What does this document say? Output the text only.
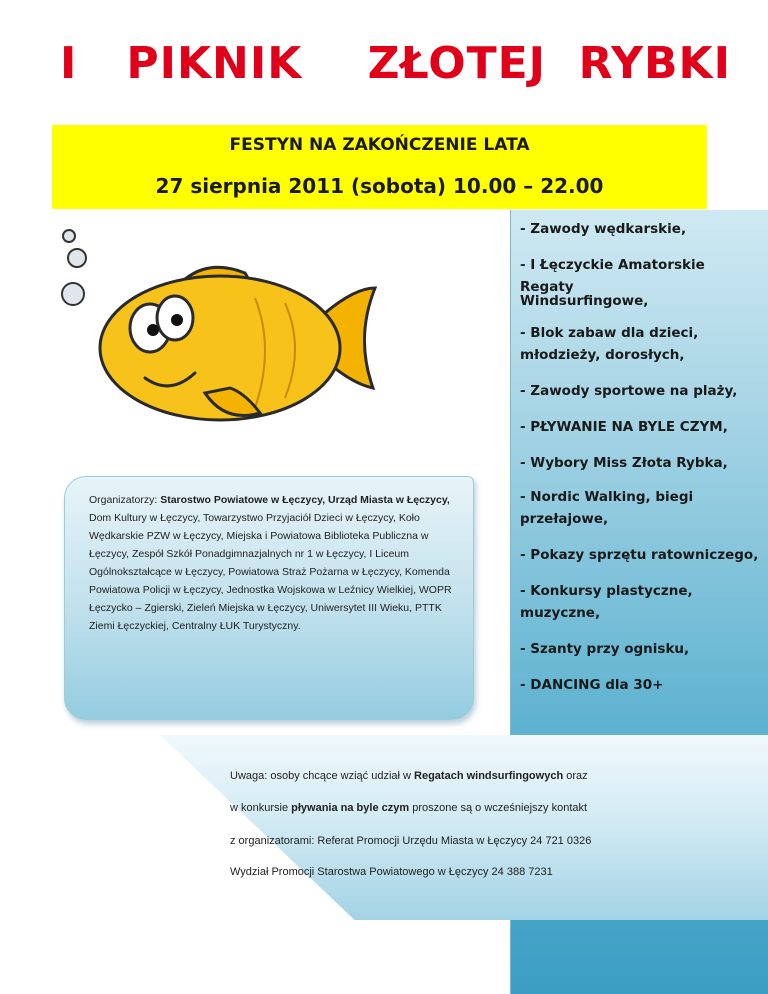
I   PIKNIK    ZŁOTEJ  RYBKI
FESTYN NA ZAKOŃCZENIE LATA
27 sierpnia 2011 (sobota) 10.00 – 22.00

- Zawody wędkarskie,

- I Łęczyckie Amatorskie Regaty

Windsurfingowe,

- Blok zabaw dla dzieci, młodzieży, dorosłych,

- Zawody sportowe na plaży,

- PŁYWANIE NA BYLE CZYM,

- Wybory Miss Złota Rybka,

- Nordic Walking, biegi przełajowe,

- Pokazy sprzętu ratowniczego,

- Konkursy plastyczne, muzyczne,

- Szanty przy ognisku,

- DANCING dla 30+

Organizatorzy: Starostwo Powiatowe w Łęczycy, Urząd Miasta w Łęczycy, Dom Kultury w Łęczycy, Towarzystwo Przyjaciół Dzieci w Łęczycy, Koło Wędkarskie PZW w Łęczycy, Miejska i Powiatowa Biblioteka Publiczna w Łęczycy, Zespół Szkół Ponadgimnazjalnych nr 1 w Łęczycy, I Liceum Ogólnokształcące w Łęczycy, Powiatowa Straż Pożarna w Łęczycy, Komenda Powiatowa Policji w Łęczycy, Jednostka Wojskowa w Leźnicy Wielkiej, WOPR Łęczycko – Zgierski, Zieleń Miejska w Łęczycy, Uniwersytet III Wieku, PTTK Ziemi Łęczyckiej, Centralny ŁUK Turystyczny.

Uwaga: osoby chcące wziąć udział w Regatach windsurfingowych oraz

w konkursie pływania na byle czym proszone są o wcześniejszy kontakt

z organizatorami: Referat Promocji Urzędu Miasta w Łęczycy 24 721 0326

Wydział Promocji Starostwa Powiatowego w Łęczycy 24 388 7231
